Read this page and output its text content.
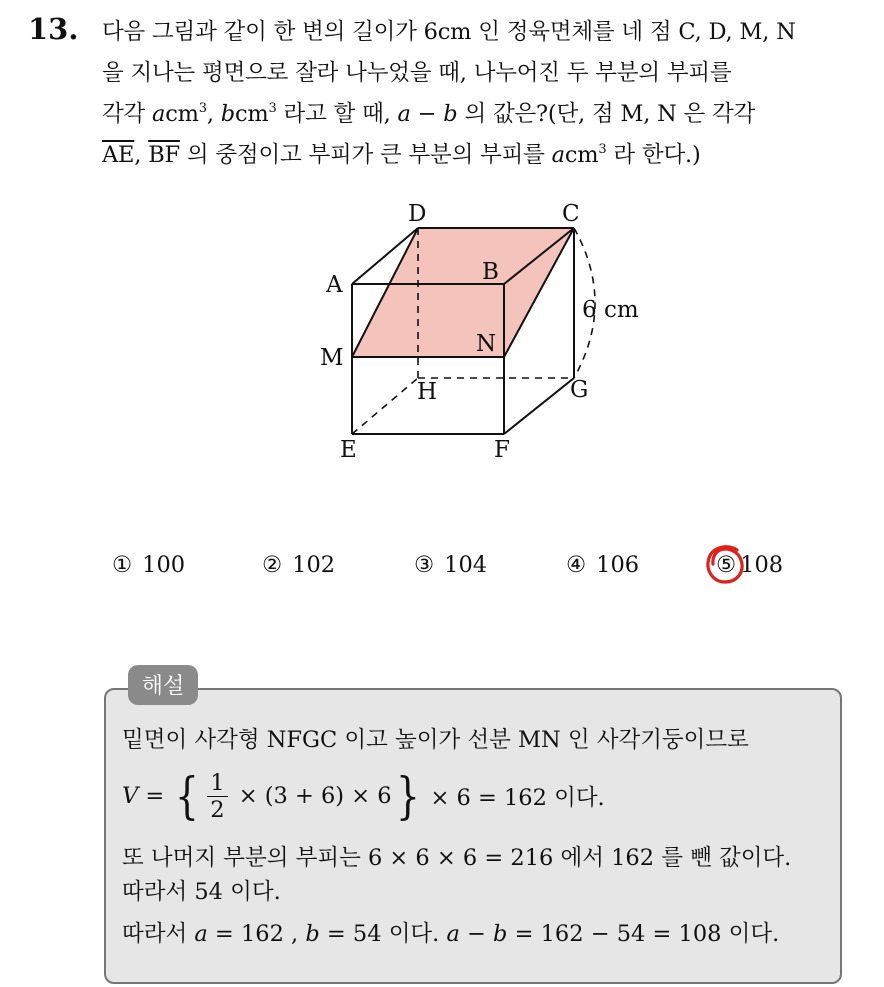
13. 다음 그림과 같이 한 변의 길이가 6cm 인 정육면체를 네 점 C, D, M, N
을 지나는 평면으로 잘라 나누었을 때, 나누어진 두 부분의 부피를
각각 acm$^3$, bcm$^3$ 라고 할 때, a − b 의 값은?(단, 점 M, N 은 각각
$\overline{AE}$, $\overline{BF}$ 의 중점이고 부피가 큰 부분의 부피를 acm$^3$ 라 한다.)
D	C
A	B
6 cm
N
M
H	G
E	F
① 100	② 102	③ 104	④ 106	⑤ 108
해설
밑면이 사각형 NFGC 이고 높이가 선분 MN 인 사각기둥이므로
V = { $\frac{1}{2} \times (3 + 6) \times 6$ } × 6 = 162 이다.
또 나머지 부분의 부피는 6 × 6 × 6 = 216 에서 162 를 뺀 값이다.
따라서 54 이다.
따라서 a = 162 , b = 54 이다. a − b = 162 − 54 = 108 이다.
